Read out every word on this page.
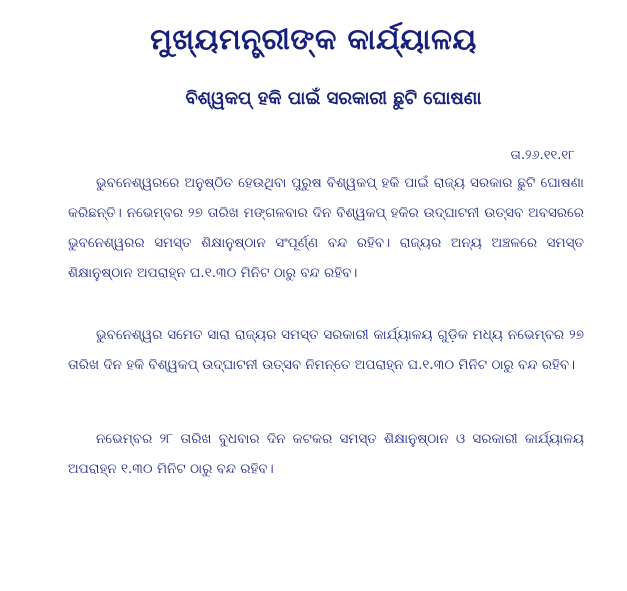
ମୁଖ୍ୟମନ୍ତ୍ରୀଙ୍କ କାର୍ଯ୍ୟାଳୟ
ବିଶ୍ୱକପ୍ ହକି ପାଇଁ ସରକାରୀ ଛୁଟି ଘୋଷଣା
ତା.୨୬.୧୧.୧୮

ଭୁବନେଶ୍ୱରରେ ଅନୁଷ୍ଠିତ ହେଉଥିବା ପୁରୁଷ ବିଶ୍ୱକପ୍ ହକି ପାଇଁ ରାଜ୍ୟ ସରକାର ଛୁଟି ଘୋଷଣା କରିଛନ୍ତି। ନଭେମ୍ବର ୨୭ ତାରିଖ ମଙ୍ଗଳବାର ଦିନ ବିଶ୍ୱକପ୍ ହକିର ଉଦ୍‌ଘାଟନୀ ଉତ୍ସବ ଅବସରରେ ଭୁବନେଶ୍ୱରର ସମସ୍ତ ଶିକ୍ଷାନୁଷ୍ଠାନ ସଂପୂର୍ଣ୍ଣ ବନ୍ଦ ରହିବ। ରାଜ୍ୟର ଅନ୍ୟ ଅଞ୍ଚଳରେ ସମସ୍ତ ଶିକ୍ଷାନୁଷ୍ଠାନ ଅପରାହ୍ନ ଘ.୧.୩୦ ମିନିଟ ଠାରୁ ବନ୍ଦ ରହିବ।

ଭୁବନେଶ୍ୱର ସମେତ ସାରା ରାଜ୍ୟର ସମସ୍ତ ସରକାରୀ କାର୍ଯ୍ୟାଳୟ ଗୁଡ଼ିକ ମଧ୍ୟ ନଭେମ୍ବର ୨୭ ତାରିଖ ଦିନ ହକି ବିଶ୍ୱକପ୍ ଉଦ୍‌ଘାଟନୀ ଉତ୍ସବ ନିମନ୍ତେ ଅପରାହ୍ନ ଘ.୧.୩୦ ମିନିଟ ଠାରୁ ବନ୍ଦ ରହିବ।

ନଭେମ୍ବର ୨୮ ତାରିଖ ବୁଧବାର ଦିନ କଟକର ସମସ୍ତ ଶିକ୍ଷାନୁଷ୍ଠାନ ଓ ସରକାରୀ କାର୍ଯ୍ୟାଳୟ ଅପରାହ୍ନ ୧.୩୦ ମିନିଟ ଠାରୁ ବନ୍ଦ ରହିବ।
